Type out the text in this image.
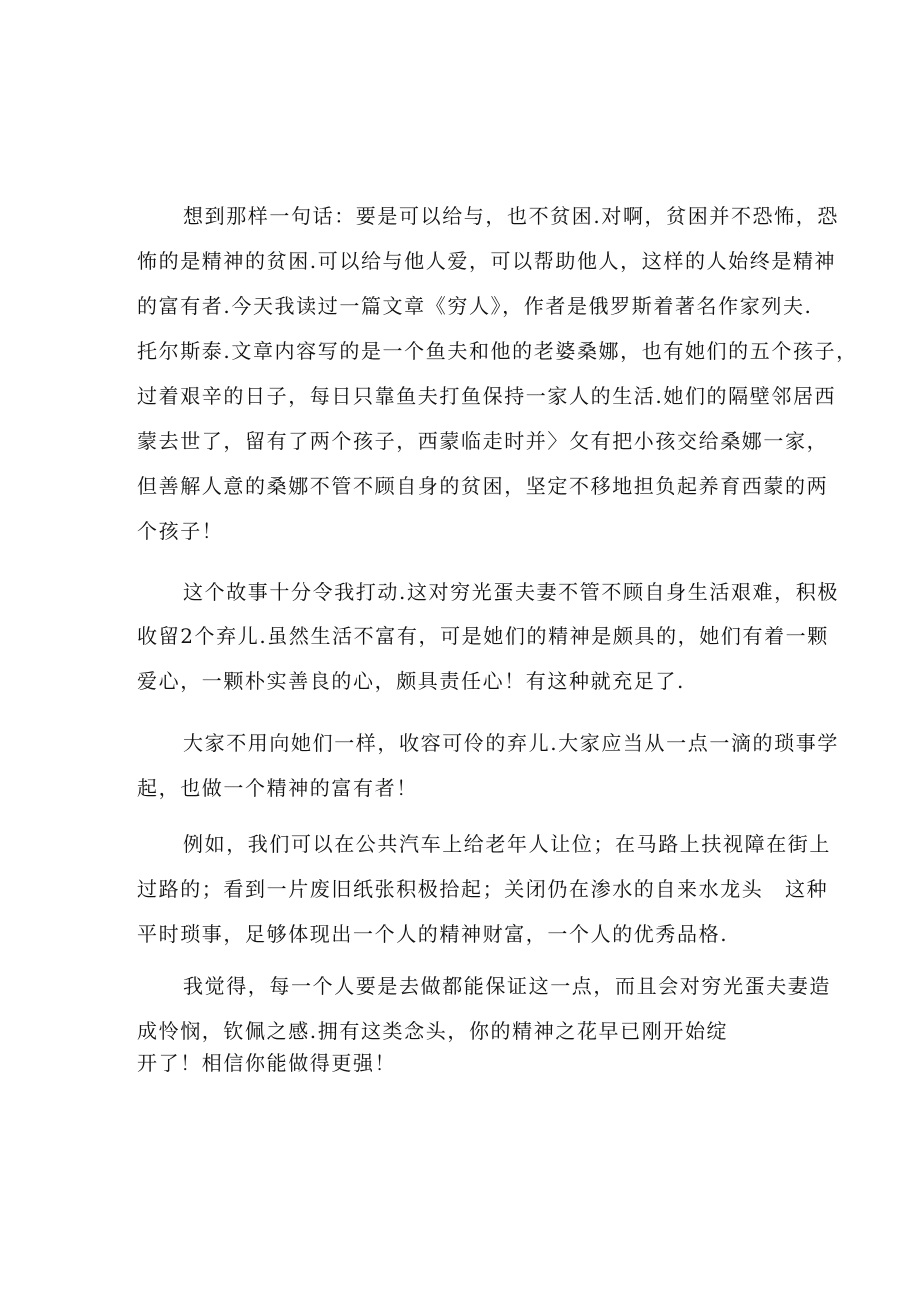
想到那样一句话：要是可以给与，也不贫困.对啊，贫困并不恐怖，恐
怖的是精神的贫困.可以给与他人爱，可以帮助他人，这样的人始终是精神
的富有者.今天我读过一篇文章《穷人》，作者是俄罗斯着著名作家列夫.
托尔斯泰.文章内容写的是一个鱼夫和他的老婆桑娜，也有她们的五个孩子，
过着艰辛的日子，每日只靠鱼夫打鱼保持一家人的生活.她们的隔壁邻居西
蒙去世了，留有了两个孩子，西蒙临走时并〉攵有把小孩交给桑娜一家，
但善解人意的桑娜不管不顾自身的贫困，坚定不移地担负起养育西蒙的两
个孩子！
这个故事十分令我打动.这对穷光蛋夫妻不管不顾自身生活艰难，积极
收留2个弃儿.虽然生活不富有，可是她们的精神是颇具的，她们有着一颗
爱心，一颗朴实善良的心，颇具责任心！有这种就充足了.
大家不用向她们一样，收容可伶的弃儿.大家应当从一点一滴的琐事学
起，也做一个精神的富有者！
例如，我们可以在公共汽车上给老年人让位；在马路上扶视障在街上
过路的；看到一片废旧纸张积极拾起；关闭仍在渗水的自来水龙头　这种
平时琐事，足够体现出一个人的精神财富，一个人的优秀品格.
我觉得，每一个人要是去做都能保证这一点，而且会对穷光蛋夫妻造
成怜悯，钦佩之感.拥有这类念头，你的精神之花早已刚开始绽
开了！相信你能做得更强！
